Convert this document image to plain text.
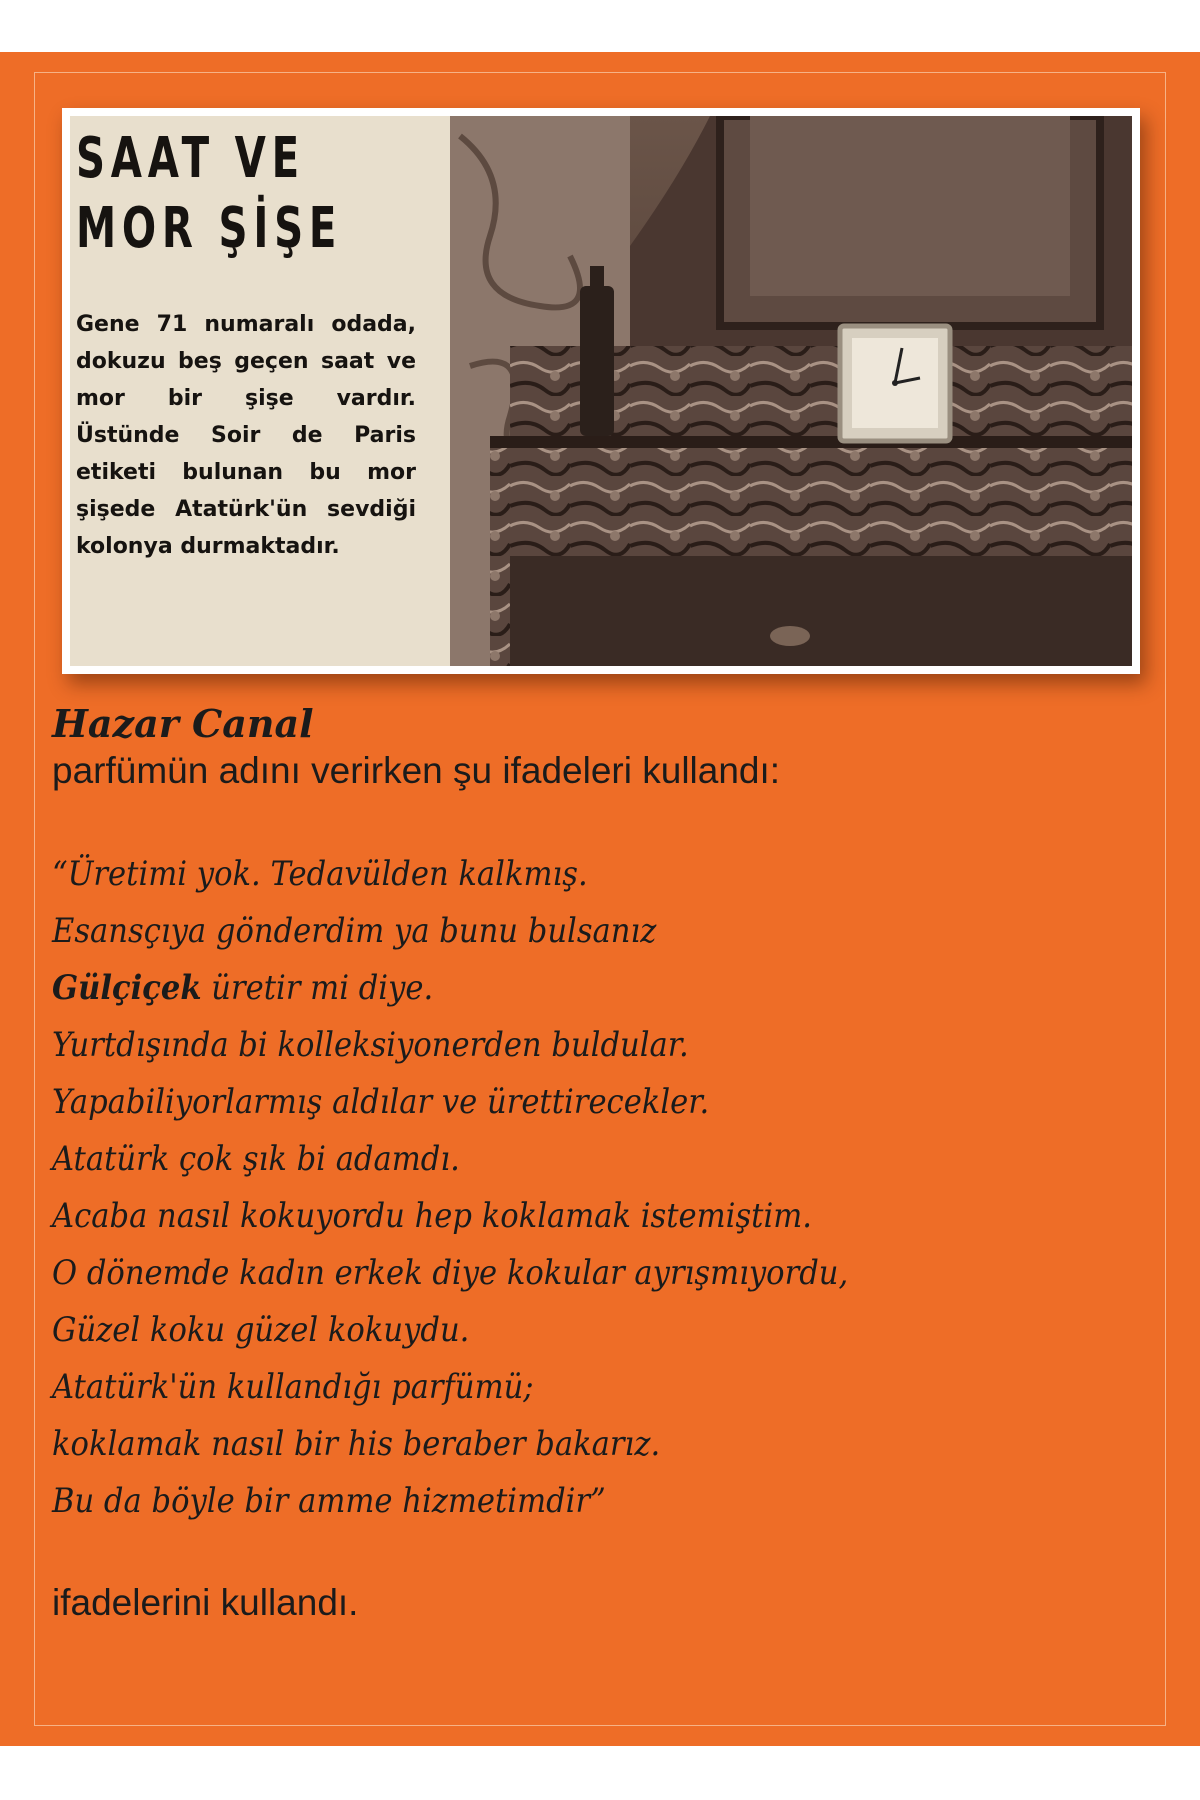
SAAT VE
MOR ŞİŞE
Gene 71 numaralı odada, dokuzu beş geçen saat ve mor bir şişe vardır. Üstünde Soir de Paris etiketi bulunan bu mor şişede Atatürk'ün sevdiği kolonya durmaktadır.

Hazar Canal

parfümün adını verirken şu ifadeleri kullandı:

“Üretimi yok. Tedavülden kalkmış.

Esansçıya gönderdim ya bunu bulsanız

Gülçiçek üretir mi diye.

Yurtdışında bi kolleksiyonerden buldular.

Yapabiliyorlarmış aldılar ve ürettirecekler.

Atatürk çok şık bi adamdı.

Acaba nasıl kokuyordu hep koklamak istemiştim.

O dönemde kadın erkek diye kokular ayrışmıyordu,

Güzel koku güzel kokuydu.

Atatürk'ün kullandığı parfümü;

koklamak nasıl bir his beraber bakarız.

Bu da böyle bir amme hizmetimdir”

ifadelerini kullandı.
